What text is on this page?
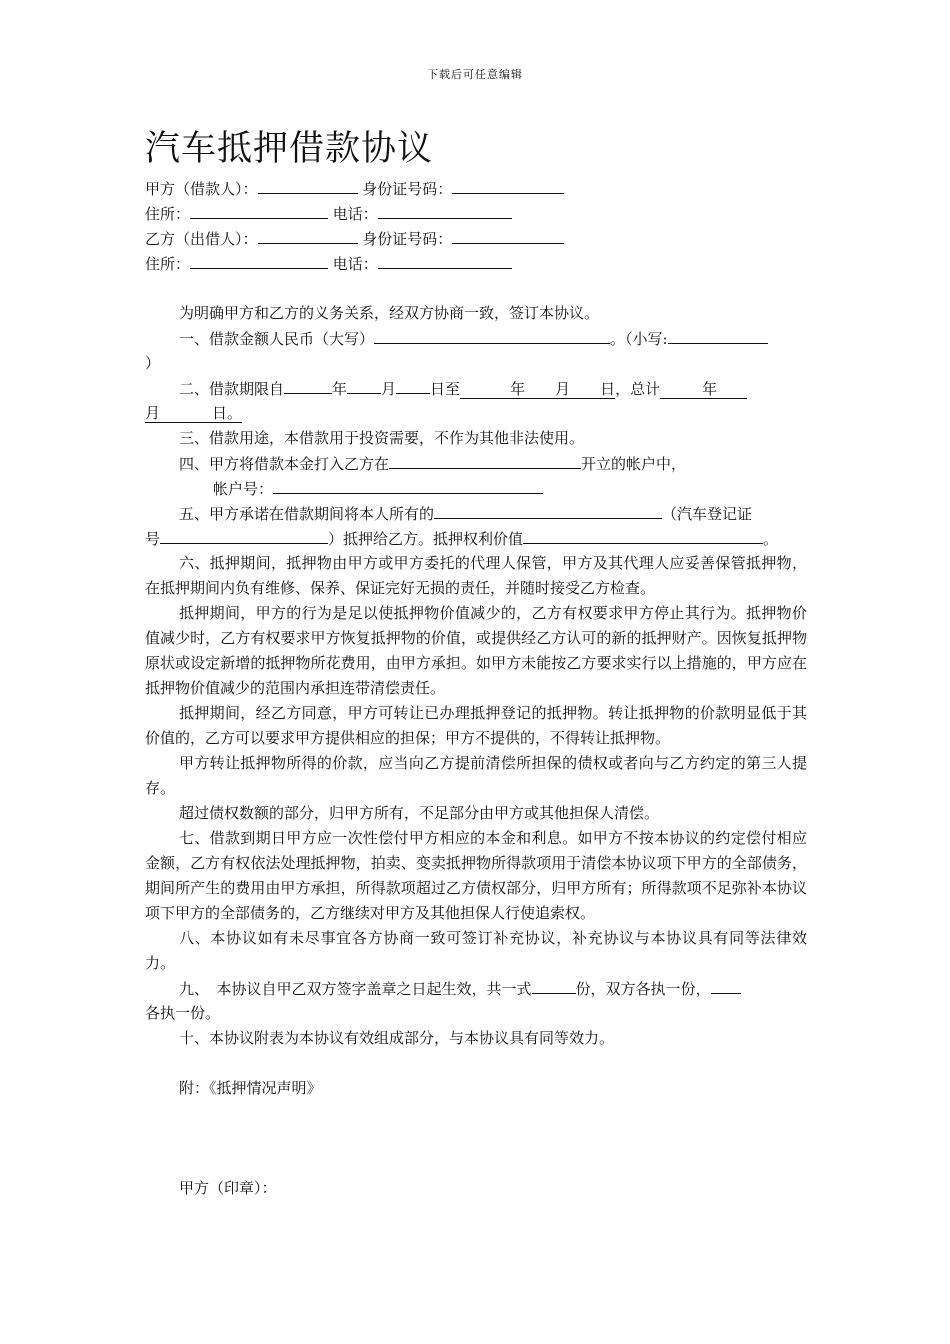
下载后可任意编辑
汽车抵押借款协议
甲方（借款人）：	身份证号码：
住所：	电话：
乙方（出借人）：	身份证号码：
住所：	电话：
为明确甲方和乙方的义务关系，经双方协商一致，签订本协议。
一、借款金额人民币（大写）	。（小写:
）
二、借款期限自	年 月 日至	年 月 日，总计	年
月	日。
三、借款用途，本借款用于投资需要，不作为其他非法使用。
四、甲方将借款本金打入乙方在	开立的帐户中，
帐户号：
五、甲方承诺在借款期间将本人所有的	（汽车登记证
号	）抵押给乙方。抵押权利价值	。
六、抵押期间，抵押物由甲方或甲方委托的代理人保管，甲方及其代理人应妥善保管抵押物，在抵押期间内负有维修、保养、保证完好无损的责任，并随时接受乙方检查。
抵押期间，甲方的行为是足以使抵押物价值减少的，乙方有权要求甲方停止其行为。抵押物价值减少时，乙方有权要求甲方恢复抵押物的价值，或提供经乙方认可的新的抵押财产。因恢复抵押物原状或设定新增的抵押物所花费用，由甲方承担。如甲方未能按乙方要求实行以上措施的，甲方应在抵押物价值减少的范围内承担连带清偿责任。
抵押期间，经乙方同意，甲方可转让已办理抵押登记的抵押物。转让抵押物的价款明显低于其价值的，乙方可以要求甲方提供相应的担保；甲方不提供的，不得转让抵押物。
甲方转让抵押物所得的价款，应当向乙方提前清偿所担保的债权或者向与乙方约定的第三人提存。
超过债权数额的部分，归甲方所有，不足部分由甲方或其他担保人清偿。
七、借款到期日甲方应一次性偿付甲方相应的本金和利息。如甲方不按本协议的约定偿付相应金额，乙方有权依法处理抵押物，拍卖、变卖抵押物所得款项用于清偿本协议项下甲方的全部债务，期间所产生的费用由甲方承担，所得款项超过乙方债权部分，归甲方所有；所得款项不足弥补本协议项下甲方的全部债务的，乙方继续对甲方及其他担保人行使追索权。
八、本协议如有未尽事宜各方协商一致可签订补充协议，补充协议与本协议具有同等法律效力。
九、　本协议自甲乙双方签字盖章之日起生效，共一式	份，双方各执一份，
各执一份。
十、本协议附表为本协议有效组成部分，与本协议具有同等效力。
附：《抵押情况声明》
甲方（印章）：
